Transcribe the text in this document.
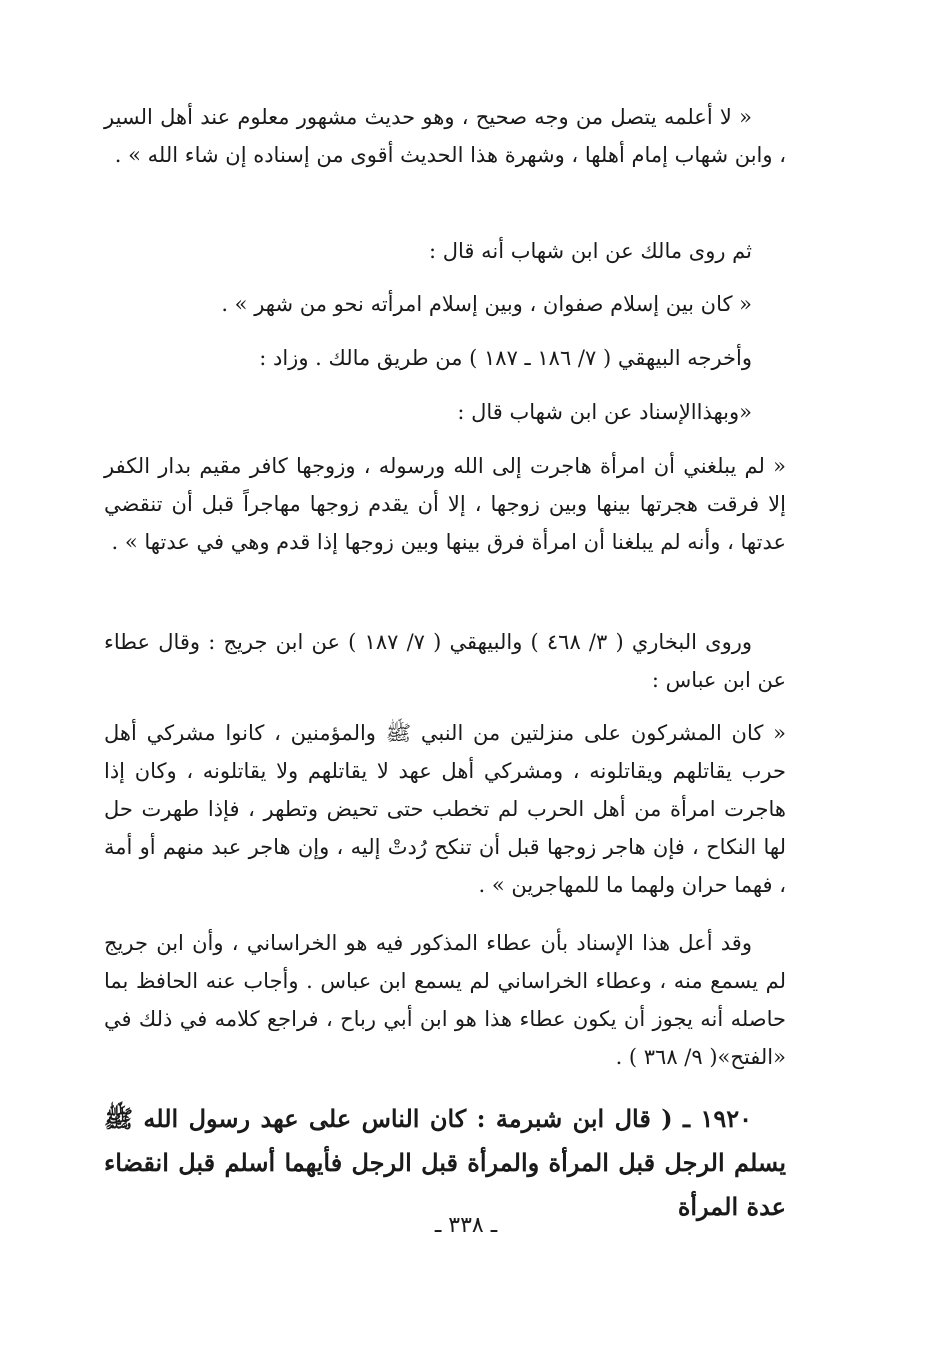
« لا أعلمه يتصل من وجه صحيح ، وهو حديث مشهور معلوم عند أهل السير ، وابن شهاب إمام أهلها ، وشهرة هذا الحديث أقوى من إسناده إن شاء الله » .

ثم روى مالك عن ابن شهاب أنه قال :

« كان بين إسلام صفوان ، وبين إسلام امرأته نحو من شهر » .

وأخرجه البيهقي ( ٧/ ١٨٦ ـ ١٨٧ ) من طريق مالك . وزاد :

«وبهذاالإسناد عن ابن شهاب قال :

« لم يبلغني أن امرأة هاجرت إلى الله ورسوله ، وزوجها كافر مقيم بدار الكفر إلا فرقت هجرتها بينها وبين زوجها ، إلا أن يقدم زوجها مهاجراً قبل أن تنقضي عدتها ، وأنه لم يبلغنا أن امرأة فرق بينها وبين زوجها إذا قدم وهي في عدتها » .

وروى البخاري ( ٣/ ٤٦٨ ) والبيهقي ( ٧/ ١٨٧ ) عن ابن جريج : وقال عطاء عن ابن عباس :

« كان المشركون على منزلتين من النبي ﷺ والمؤمنين ، كانوا مشركي أهل حرب يقاتلهم ويقاتلونه ، ومشركي أهل عهد لا يقاتلهم ولا يقاتلونه ، وكان إذا هاجرت امرأة من أهل الحرب لم تخطب حتى تحيض وتطهر ، فإذا طهرت حل لها النكاح ، فإن هاجر زوجها قبل أن تنكح رُدتْ إليه ، وإن هاجر عبد منهم أو أمة ، فهما حران ولهما ما للمهاجرين » .

وقد أعل هذا الإسناد بأن عطاء المذكور فيه هو الخراساني ، وأن ابن جريج لم يسمع منه ، وعطاء الخراساني لم يسمع ابن عباس . وأجاب عنه الحافظ بما حاصله أنه يجوز أن يكون عطاء هذا هو ابن أبي رباح ، فراجع كلامه في ذلك في «الفتح»( ٩/ ٣٦٨ ) .

١٩٢٠ ـ ( قال ابن شبرمة : كان الناس على عهد رسول الله ﷺ يسلم الرجل قبل المرأة والمرأة قبل الرجل فأيهما أسلم قبل انقضاء عدة المرأة

ـ ٣٣٨ ـ
